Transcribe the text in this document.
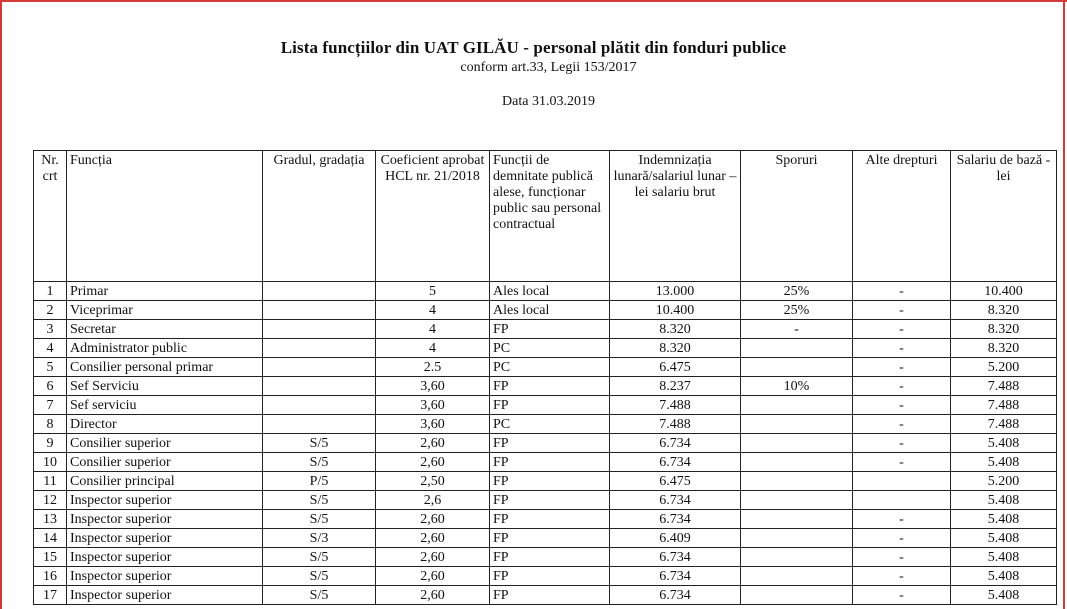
Lista funcțiilor din UAT GILĂU - personal plătit din fonduri publice
conform art.33, Legii 153/2017
Data 31.03.2019
Nr. crt	Funcția	Gradul, gradația	Coeficient aprobat HCL nr. 21/2018	Funcții de demnitate publică alese, funcționar public sau personal contractual	Indemnizația lunară/salariul lunar – lei salariu brut	Sporuri	Alte drepturi	Salariu de bază - lei
1	Primar		5	Ales local	13.000	25%	-	10.400
2	Viceprimar		4	Ales local	10.400	25%	-	8.320
3	Secretar		4	FP	8.320	-	-	8.320
4	Administrator public		4	PC	8.320		-	8.320
5	Consilier personal primar		2.5	PC	6.475		-	5.200
6	Sef Serviciu		3,60	FP	8.237	10%	-	7.488
7	Sef serviciu		3,60	FP	7.488		-	7.488
8	Director		3,60	PC	7.488		-	7.488
9	Consilier superior	S/5	2,60	FP	6.734		-	5.408
10	Consilier superior	S/5	2,60	FP	6.734		-	5.408
11	Consilier principal	P/5	2,50	FP	6.475			5.200
12	Inspector superior	S/5	2,6	FP	6.734			5.408
13	Inspector superior	S/5	2,60	FP	6.734		-	5.408
14	Inspector superior	S/3	2,60	FP	6.409		-	5.408
15	Inspector superior	S/5	2,60	FP	6.734		-	5.408
16	Inspector superior	S/5	2,60	FP	6.734		-	5.408
17	Inspector superior	S/5	2,60	FP	6.734		-	5.408
